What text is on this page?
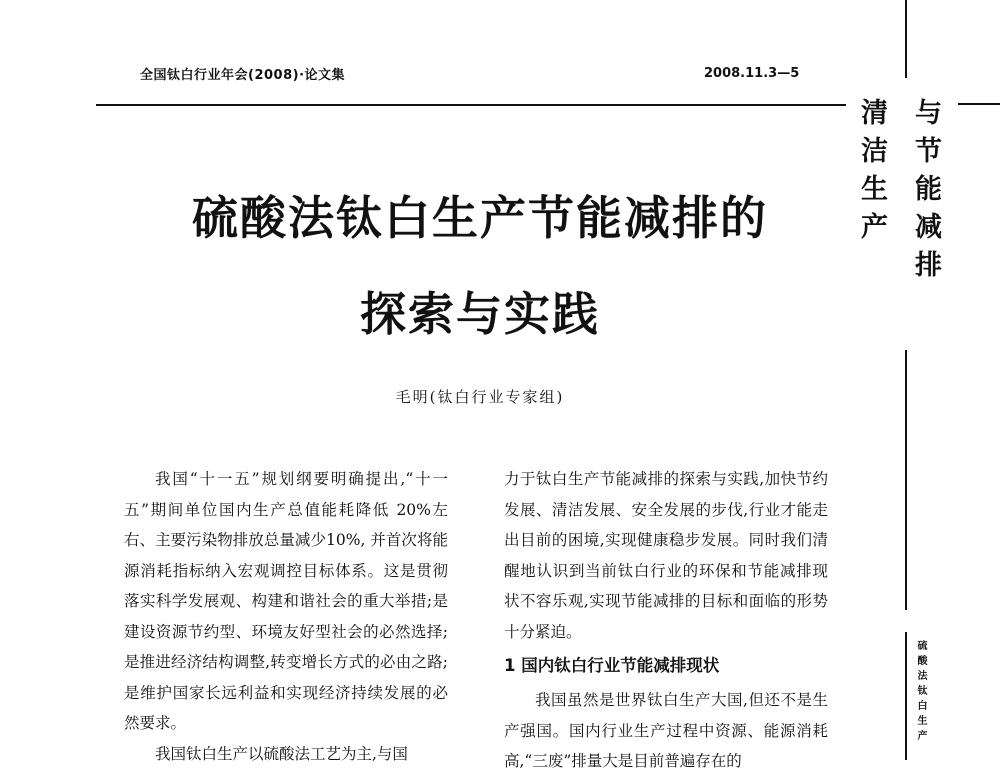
全国钛白行业年会(2008)·论文集	2008.11.3—5
清洁生产 与节能减排
硫酸法钛白生产
硫酸法钛白生产节能减排的
探索与实践
毛明(钛白行业专家组)

我国“十一五”规划纲要明确提出,“十一五”期间单位国内生产总值能耗降低 20%左右、主要污染物排放总量减少10%, 并首次将能源消耗指标纳入宏观调控目标体系。这是贯彻落实科学发展观、构建和谐社会的重大举措;是建设资源节约型、环境友好型社会的必然选择;是推进经济结构调整,转变增长方式的必由之路;是维护国家长远利益和实现经济持续发展的必然要求。

我国钛白生产以硫酸法工艺为主,与国

力于钛白生产节能减排的探索与实践,加快节约发展、清洁发展、安全发展的步伐,行业才能走出目前的困境,实现健康稳步发展。同时我们清醒地认识到当前钛白行业的环保和节能减排现状不容乐观,实现节能减排的目标和面临的形势十分紧迫。

1 国内钛白行业节能减排现状

我国虽然是世界钛白生产大国,但还不是生产强国。国内行业生产过程中资源、能源消耗高,“三废”排量大是目前普遍存在的
